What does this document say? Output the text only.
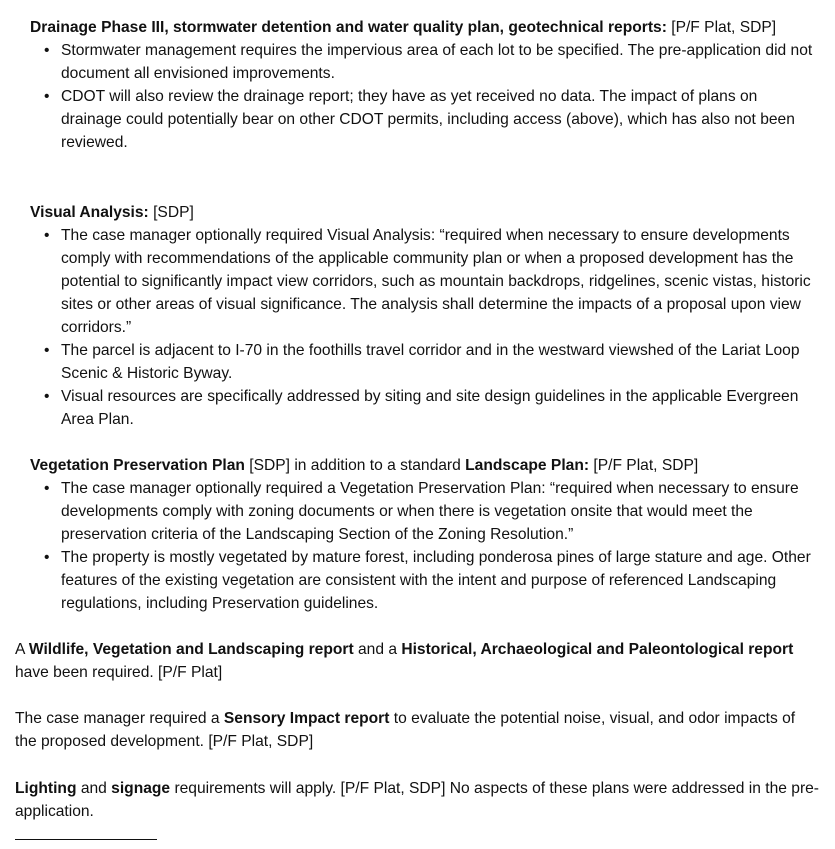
Drainage Phase III, stormwater detention and water quality plan, geotechnical reports: [P/F Plat, SDP]

• Stormwater management requires the impervious area of each lot to be specified. The pre-application did not document all envisioned improvements.
• CDOT will also review the drainage report; they have as yet received no data. The impact of plans on drainage could potentially bear on other CDOT permits, including access (above), which has also not been reviewed.

Visual Analysis: [SDP]

• The case manager optionally required Visual Analysis: “required when necessary to ensure developments comply with recommendations of the applicable community plan or when a proposed development has the potential to significantly impact view corridors, such as mountain backdrops, ridgelines, scenic vistas, historic sites or other areas of visual significance. The analysis shall determine the impacts of a proposal upon view corridors.”
• The parcel is adjacent to I-70 in the foothills travel corridor and in the westward viewshed of the Lariat Loop Scenic & Historic Byway.
• Visual resources are specifically addressed by siting and site design guidelines in the applicable Evergreen Area Plan.

Vegetation Preservation Plan [SDP] in addition to a standard Landscape Plan: [P/F Plat, SDP]

• The case manager optionally required a Vegetation Preservation Plan: “required when necessary to ensure developments comply with zoning documents or when there is vegetation onsite that would meet the preservation criteria of the Landscaping Section of the Zoning Resolution.”
• The property is mostly vegetated by mature forest, including ponderosa pines of large stature and age. Other features of the existing vegetation are consistent with the intent and purpose of referenced Landscaping regulations, including Preservation guidelines.

A Wildlife, Vegetation and Landscaping report and a Historical, Archaeological and Paleontological report have been required. [P/F Plat]

The case manager required a Sensory Impact report to evaluate the potential noise, visual, and odor impacts of the proposed development. [P/F Plat, SDP]

Lighting and signage requirements will apply. [P/F Plat, SDP] No aspects of these plans were addressed in the pre-application.
